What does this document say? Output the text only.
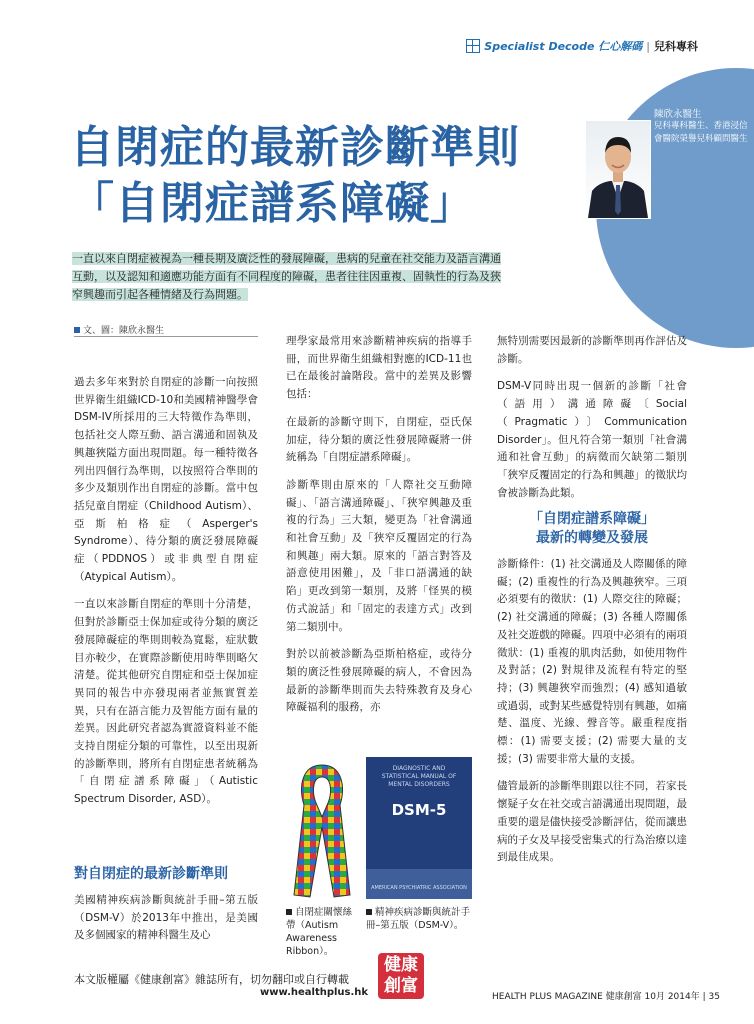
Specialist Decode 仁心解碼 | 兒科專科
陳欣永醫生
兒科專科醫生、香港浸信會醫院榮譽兒科顧問醫生
自閉症的最新診斷準則
「自閉症譜系障礙」
一直以來自閉症被視為一種長期及廣泛性的發展障礙，患病的兒童在社交能力及語言溝通互動，以及認知和適應功能方面有不同程度的障礙，患者往往因重複、固執性的行為及狹窄興趣而引起各種情緒及行為問題。
文、圖：陳欣永醫生

過去多年來對於自閉症的診斷一向按照世界衛生組織ICD-10和美國精神醫學會DSM-IV所採用的三大特徵作為準則，包括社交人際互動、語言溝通和固執及興趣狹隘方面出現問題。每一種特徵各列出四個行為準則，以按照符合準則的多少及類別作出自閉症的診斷。當中包括兒童自閉症（Childhood Autism）、亞斯柏格症（Asperger's Syndrome）、待分類的廣泛發展障礙症（PDDNOS）或非典型自閉症（Atypical Autism）。

一直以來診斷自閉症的準則十分清楚，但對於診斷亞士保加症或待分類的廣泛發展障礙症的準則則較為寬鬆，症狀數目亦較少，在實際診斷使用時準則略欠清楚。從其他研究自閉症和亞士保加症異同的報告中亦發現兩者並無實質差異，只有在語言能力及智能方面有量的差異。因此研究者認為實證資料並不能支持自閉症分類的可靠性，以至出現新的診斷準則，將所有自閉症患者統稱為「自閉症譜系障礙」（Autistic Spectrum Disorder, ASD）。

對自閉症的最新診斷準則

美國精神疾病診斷與統計手冊–第五版（DSM-V）於2013年中推出，是美國及多個國家的精神科醫生及心

理學家最常用來診斷精神疾病的指導手冊，而世界衛生組織相對應的ICD-11也已在最後討論階段。當中的差異及影響包括：

在最新的診斷守則下，自閉症，亞氏保加症，待分類的廣泛性發展障礙將一併統稱為「自閉症譜系障礙」。

診斷準則由原來的「人際社交互動障礙」、「語言溝通障礙」、「狹窄興趣及重複的行為」三大類，變更為「社會溝通和社會互動」及「狹窄反覆固定的行為和興趣」兩大類。原來的「語言對答及語意使用困難」，及「非口語溝通的缺陷」更改到第一類別，及將「怪異的模仿式說話」和「固定的表達方式」改到第二類別中。

對於以前被診斷為亞斯柏格症，或待分類的廣泛性發展障礙的病人，不會因為最新的診斷準則而失去特殊教育及身心障礙福利的服務，亦

DIAGNOSTIC AND STATISTICAL MANUAL OF MENTAL DISORDERS
DSM-5
AMERICAN PSYCHIATRIC ASSOCIATION
自閉症關懷絲帶（Autism Awareness Ribbon）。
精神疾病診斷與統計手冊–第五版（DSM-V）。

無特別需要因最新的診斷準則再作評估及診斷。

DSM-V同時出現一個新的診斷「社會（語用）溝通障礙〔Social（Pragmatic）〕Communication Disorder」。但凡符合第一類別「社會溝通和社會互動」的病徵而欠缺第二類別「狹窄反覆固定的行為和興趣」的徵狀均會被診斷為此類。

「自閉症譜系障礙」
最新的轉變及發展

診斷條件：(1) 社交溝通及人際關係的障礙；(2) 重複性的行為及興趣狹窄。三項必須要有的徵狀：(1) 人際交往的障礙；(2) 社交溝通的障礙；(3) 各種人際關係及社交遊戲的障礙。四項中必須有的兩項徵狀：(1) 重複的肌肉活動，如使用物件及對話；(2) 對規律及流程有特定的堅持；(3) 興趣狹窄而強烈；(4) 感知過敏或過弱，或對某些感覺特別有興趣，如痛楚、溫度、光線、聲音等。嚴重程度指標：(1) 需要支援；(2) 需要大量的支援；(3) 需要非常大量的支援。

儘管最新的診斷準則跟以往不同，若家長懷疑子女在社交或言語溝通出現問題，最重要的還是儘快接受診斷評估，從而讓患病的子女及早接受密集式的行為治療以達到最佳成果。

本文版權屬《健康創富》雜誌所有，切勿翻印或自行轉載
www.healthplus.hk
健康
創富
HEALTH PLUS MAGAZINE 健康創富 10月 2014年 | 35
